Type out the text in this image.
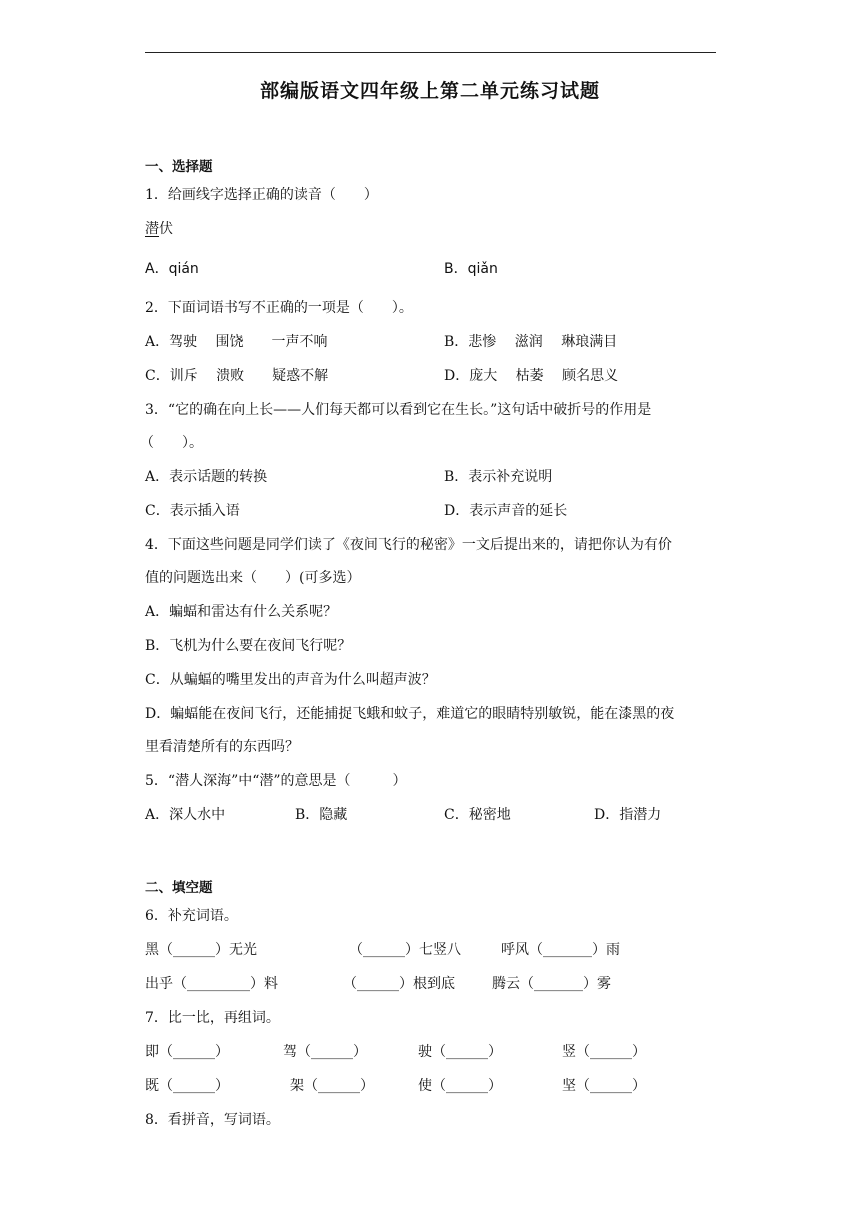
部编版语文四年级上第二单元练习试题
一、选择题
1．给画线字选择正确的读音（　　）
潜伏
A．qián	B．qiǎn
2．下面词语书写不正确的一项是（　　）。
A．驾驶　 围饶　　一声不响	B．悲惨　 滋润　 琳琅满目
C．训斥　 溃败　　疑惑不解	D．庞大　 枯萎　 顾名思义
3．“它的确在向上长——人们每天都可以看到它在生长。”这句话中破折号的作用是
（　　）。
A．表示话题的转换	B．表示补充说明
C．表示插入语	D．表示声音的延长
4．下面这些问题是同学们读了《夜间飞行的秘密》一文后提出来的，请把你认为有价
值的问题选出来（　　）(可多选）
A．蝙蝠和雷达有什么关系呢？
B．飞机为什么要在夜间飞行呢？
C．从蝙蝠的嘴里发出的声音为什么叫超声波？
D．蝙蝠能在夜间飞行，还能捕捉飞蛾和蚊子，难道它的眼睛特别敏锐，能在漆黑的夜
里看清楚所有的东西吗？
5．“潜人深海”中“潜”的意思是（　　　）
A．深人水中	B．隐藏	C．秘密地	D．指潜力
二、填空题
6．补充词语。
黑（______）无光	（______）七竖八	呼风（_______）雨
出乎（_________）料	（______）根到底	腾云（_______）雾
7．比一比，再组词。
即（______）	驾（______）	驶（______）	竖（______）
既（______）	架（______）	使（______）	坚（______）
8．看拼音，写词语。
